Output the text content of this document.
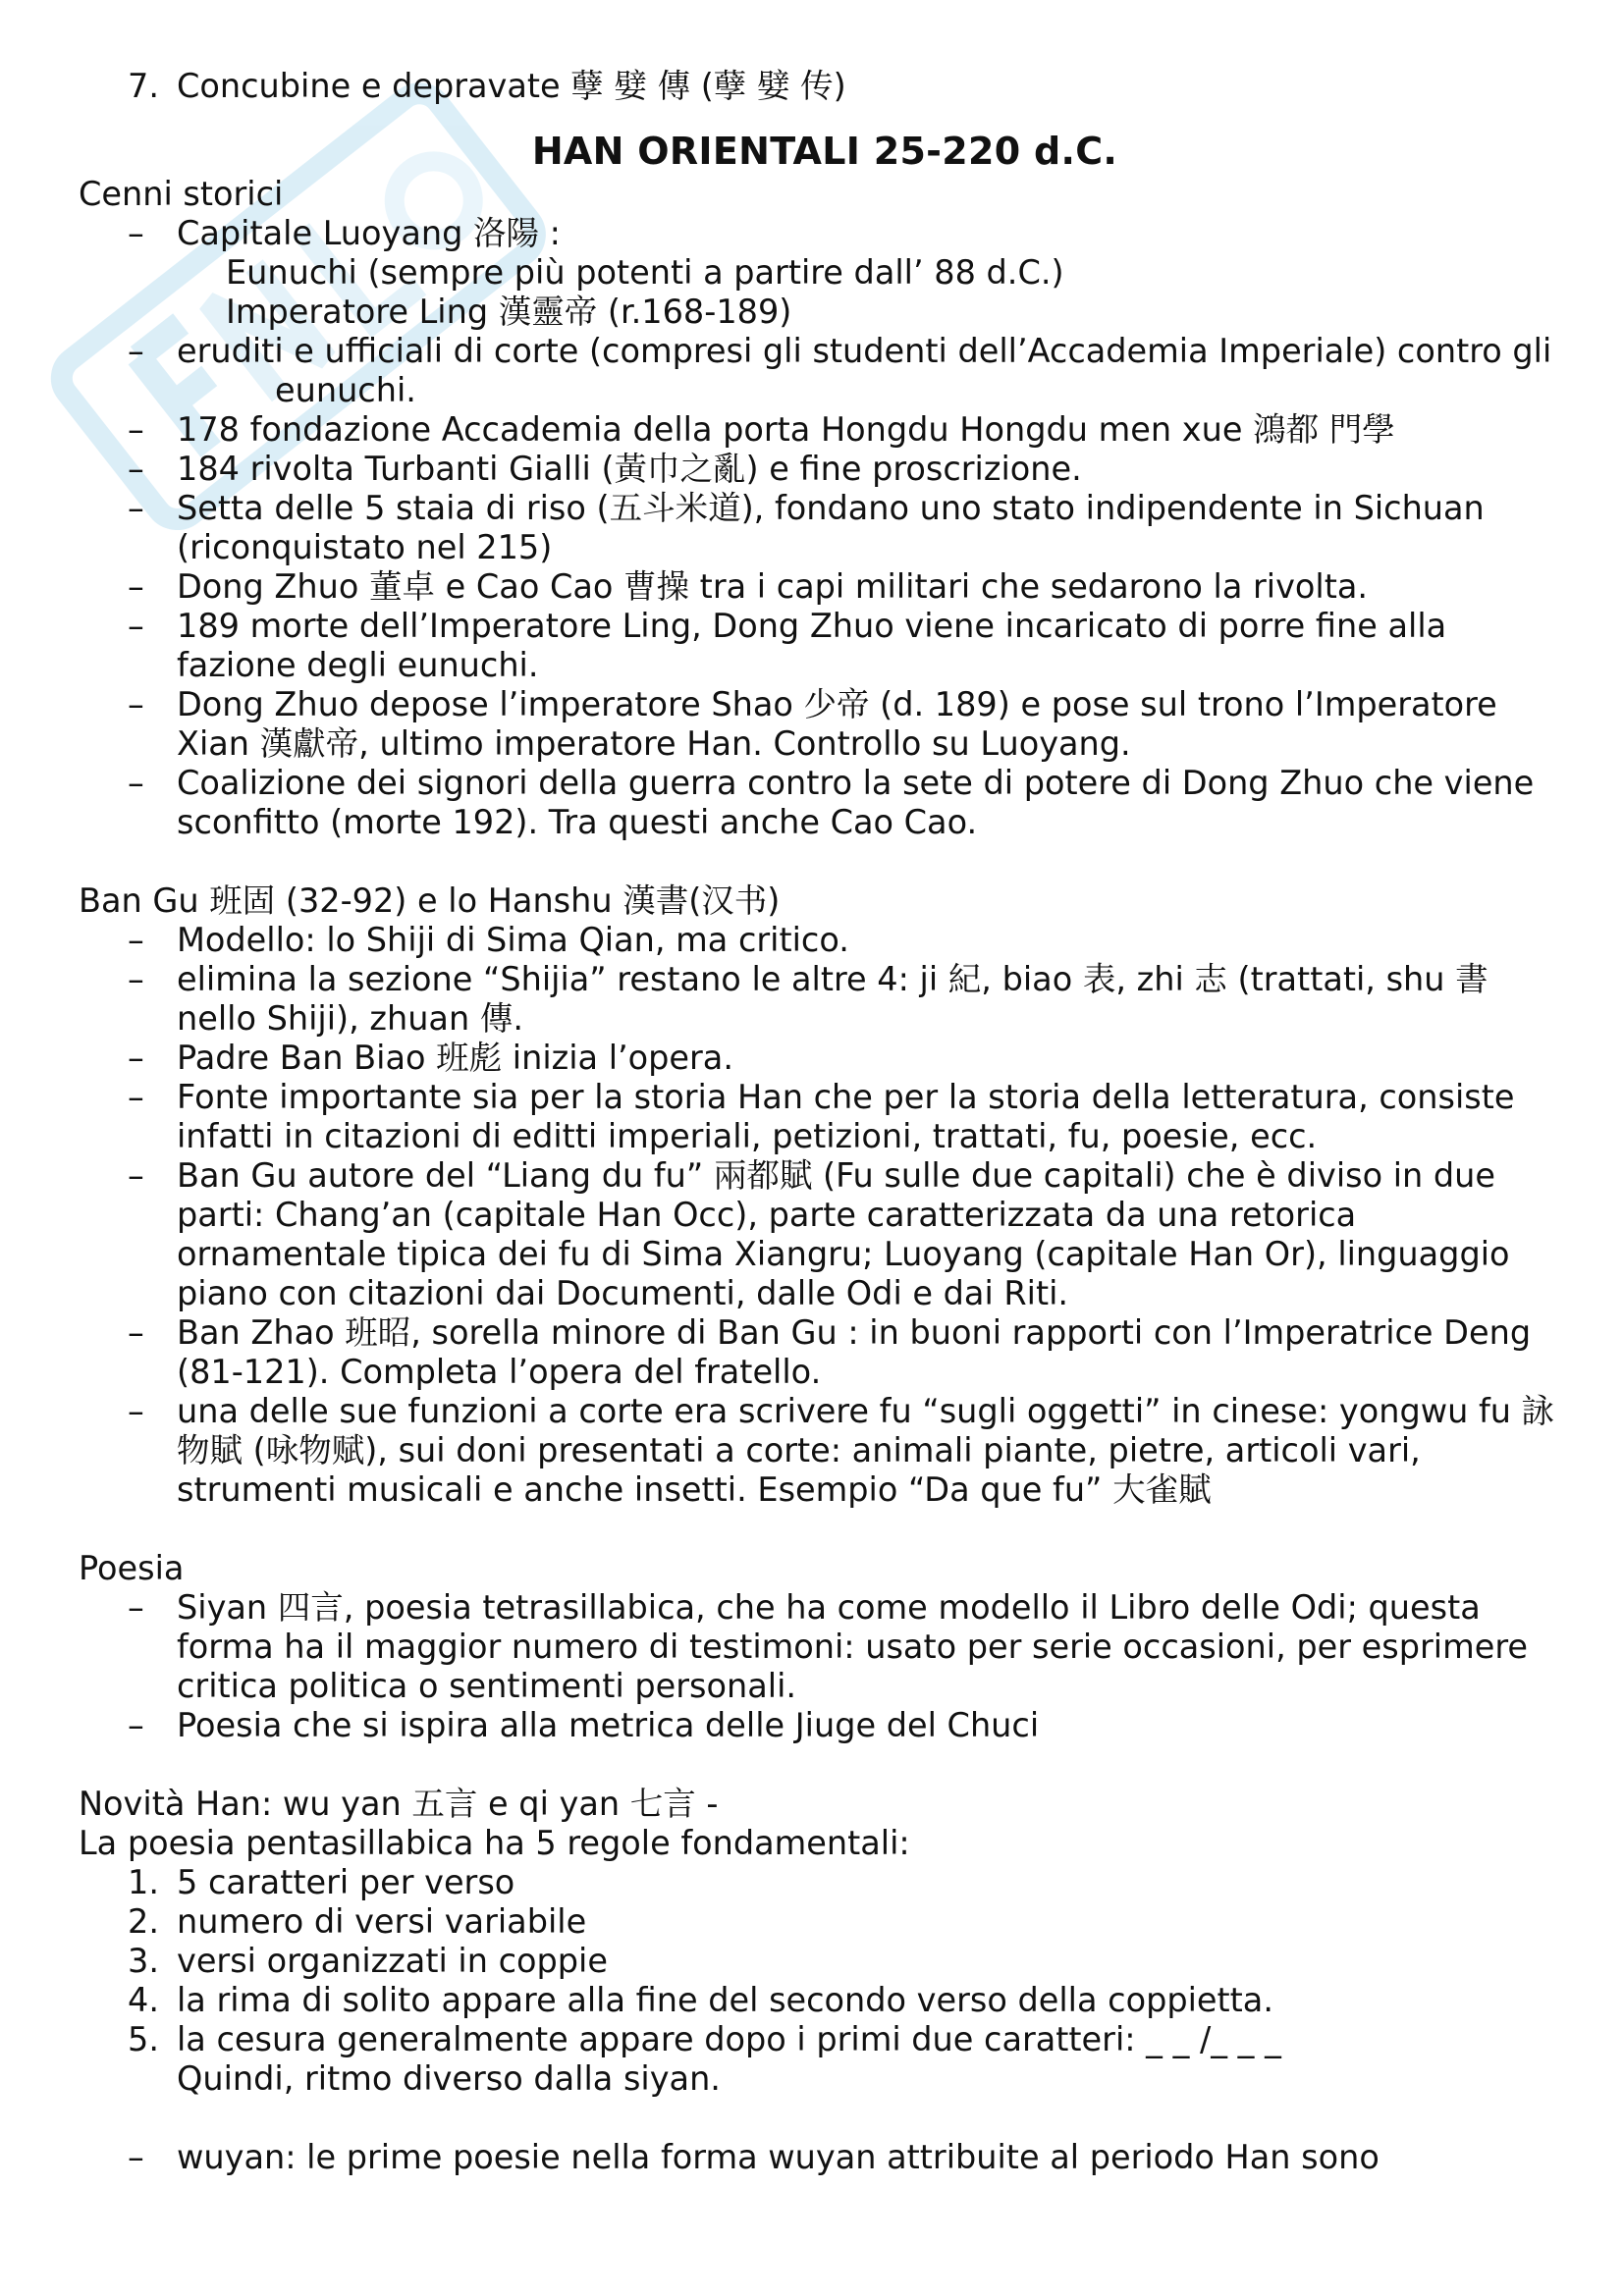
7. Concubine e depravate 孽 嬖 傳 (孽 嬖 传)
HAN ORIENTALI 25-220 d.C.

Cenni storici

– Capitale Luoyang 洛陽 :
Eunuchi (sempre più potenti a partire dall’ 88 d.C.)
Imperatore Ling 漢靈帝 (r.168-189)
– eruditi e ufficiali di corte (compresi gli studenti dell’Accademia Imperiale) contro gli
eunuchi.
– 178 fondazione Accademia della porta Hongdu Hongdu men xue 鴻都 門學
– 184 rivolta Turbanti Gialli (黃巾之亂) e fine proscrizione.
– Setta delle 5 staia di riso (五斗米道), fondano uno stato indipendente in Sichuan (riconquistato nel 215)
– Dong Zhuo 董卓 e Cao Cao 曹操 tra i capi militari che sedarono la rivolta.
– 189 morte dell’Imperatore Ling, Dong Zhuo viene incaricato di porre fine alla fazione degli eunuchi.
– Dong Zhuo depose l’imperatore Shao 少帝 (d. 189) e pose sul trono l’Imperatore Xian 漢獻帝, ultimo imperatore Han. Controllo su Luoyang.
– Coalizione dei signori della guerra contro la sete di potere di Dong Zhuo che viene sconfitto (morte 192). Tra questi anche Cao Cao.

Ban Gu 班固 (32-92) e lo Hanshu 漢書(汉书)

– Modello: lo Shiji di Sima Qian, ma critico.
– elimina la sezione “Shijia” restano le altre 4: ji 紀, biao 表, zhi 志 (trattati, shu 書 nello Shiji), zhuan 傳.
– Padre Ban Biao 班彪 inizia l’opera.
– Fonte importante sia per la storia Han che per la storia della letteratura, consiste infatti in citazioni di editti imperiali, petizioni, trattati, fu, poesie, ecc.
– Ban Gu autore del “Liang du fu” 兩都賦 (Fu sulle due capitali) che è diviso in due parti: Chang’an (capitale Han Occ), parte caratterizzata da una retorica ornamentale tipica dei fu di Sima Xiangru; Luoyang (capitale Han Or), linguaggio piano con citazioni dai Documenti, dalle Odi e dai Riti.
– Ban Zhao 班昭, sorella minore di Ban Gu : in buoni rapporti con l’Imperatrice Deng (81-121). Completa l’opera del fratello.
– una delle sue funzioni a corte era scrivere fu “sugli oggetti” in cinese: yongwu fu 詠物賦 (咏物赋), sui doni presentati a corte: animali piante, pietre, articoli vari, strumenti musicali e anche insetti. Esempio “Da que fu” 大雀賦

Poesia

– Siyan 四言, poesia tetrasillabica, che ha come modello il Libro delle Odi; questa forma ha il maggior numero di testimoni: usato per serie occasioni, per esprimere critica politica o sentimenti personali.
– Poesia che si ispira alla metrica delle Jiuge del Chuci

Novità Han: wu yan 五言 e qi yan 七言 -

La poesia pentasillabica ha 5 regole fondamentali:

1. 5 caratteri per verso
2. numero di versi variabile
3. versi organizzati in coppie
4. la rima di solito appare alla fine del secondo verso della coppietta.
5. la cesura generalmente appare dopo i primi due caratteri: _ _ /_ _ _
Quindi, ritmo diverso dalla siyan.
– wuyan: le prime poesie nella forma wuyan attribuite al periodo Han sono
